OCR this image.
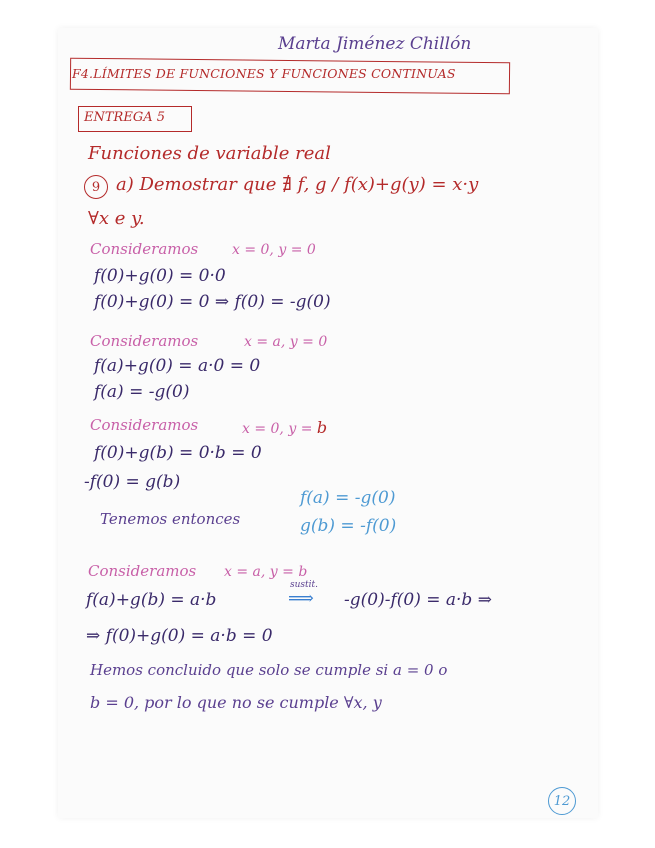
Marta Jiménez Chillón
F4.LÍMITES DE FUNCIONES Y FUNCIONES CONTINUAS
ENTREGA 5
Funciones de variable real
9 a) Demostrar que ∄ f, g / f(x)+g(y) = x·y
∀x e y.
Consideramos x = 0, y = 0
f(0)+g(0) = 0·0
f(0)+g(0) = 0 ⇒ f(0) = -g(0)
Consideramos	x = a, y = 0
f(a)+g(0) = a·0 = 0
f(a) = -g(0)
Consideramos	x = 0, y = b
f(0)+g(b) = 0·b = 0
-f(0) = g(b)
Tenemos entonces
f(a) = -g(0)
g(b) = -f(0)
Consideramos x = a, y = b
f(a)+g(b) = a·b
sustit.
⟹ -g(0)-f(0) = a·b ⇒
⇒ f(0)+g(0) = a·b = 0
Hemos concluido que solo se cumple si a = 0 o
b = 0, por lo que no se cumple ∀x, y
12
